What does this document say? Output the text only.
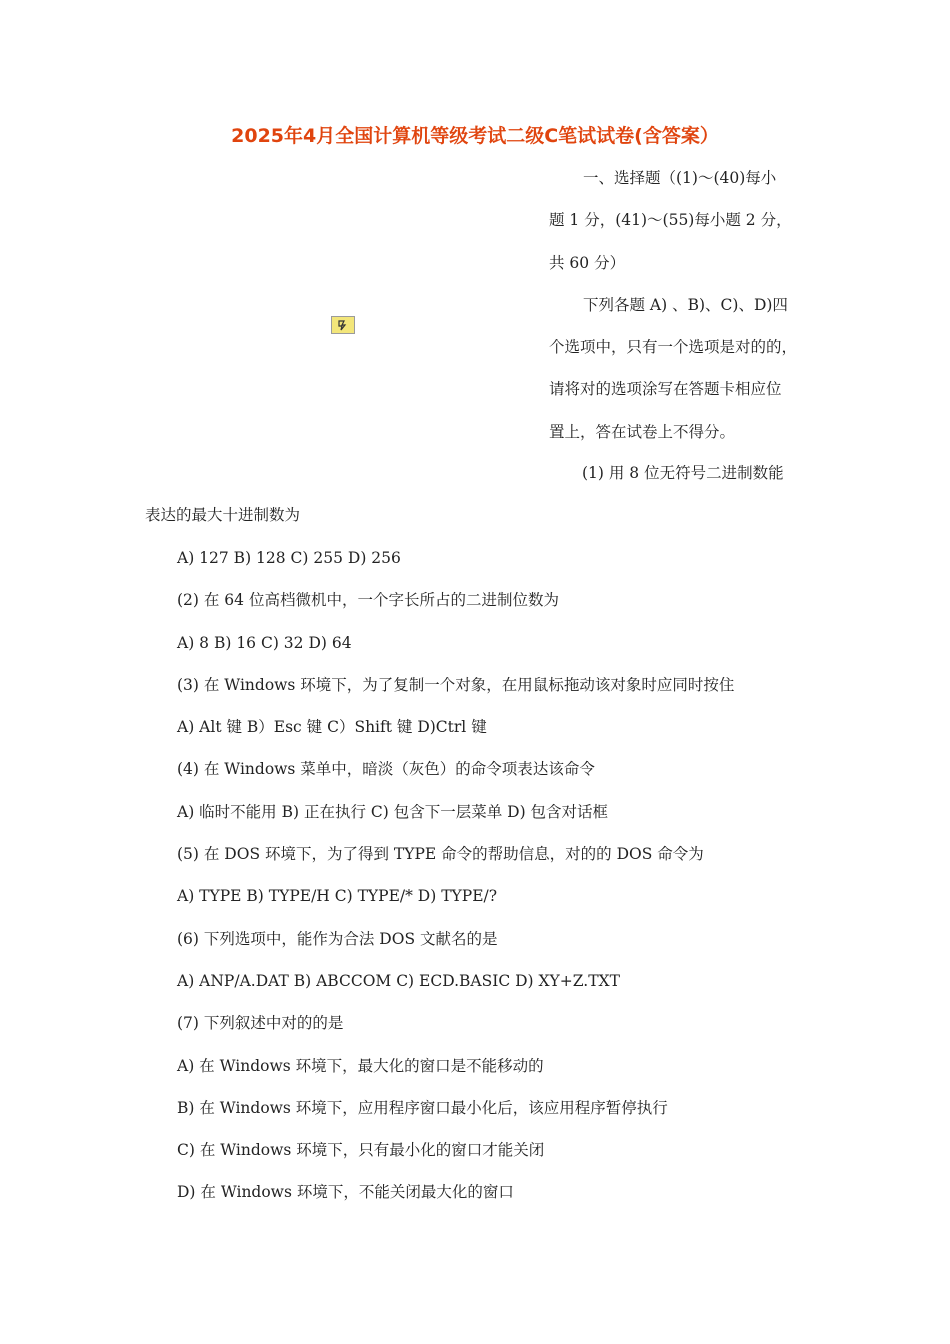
2025年4月全国计算机等级考试二级C笔试试卷(含答案）

一、选择题（(1)～(40)每小

题 1 分，(41)～(55)每小题 2 分，

共 60 分）

下列各题 A) 、B)、C)、D)四

个选项中，只有一个选项是对的的，

请将对的选项涂写在答题卡相应位

置上，答在试卷上不得分。

(1) 用 8 位无符号二进制数能

表达的最大十进制数为

A) 127 B) 128 C) 255 D) 256
(2) 在 64 位高档微机中，一个字长所占的二进制位数为
A) 8 B) 16 C) 32 D) 64
(3) 在 Windows 环境下，为了复制一个对象，在用鼠标拖动该对象时应同时按住
A) Alt 键 B）Esc 键 C）Shift 键 D)Ctrl 键
(4) 在 Windows 菜单中，暗淡（灰色）的命令项表达该命令
A) 临时不能用 B) 正在执行 C) 包含下一层菜单 D) 包含对话框
(5) 在 DOS 环境下，为了得到 TYPE 命令的帮助信息，对的的 DOS 命令为
A) TYPE B) TYPE/H C) TYPE/* D) TYPE/?
(6) 下列选项中，能作为合法 DOS 文献名的是
A) ANP/A.DAT B) ABCCOM C) ECD.BASIC D) XY+Z.TXT
(7) 下列叙述中对的的是
A) 在 Windows 环境下，最大化的窗口是不能移动的
B) 在 Windows 环境下，应用程序窗口最小化后，该应用程序暂停执行
C) 在 Windows 环境下，只有最小化的窗口才能关闭
D) 在 Windows 环境下，不能关闭最大化的窗口
